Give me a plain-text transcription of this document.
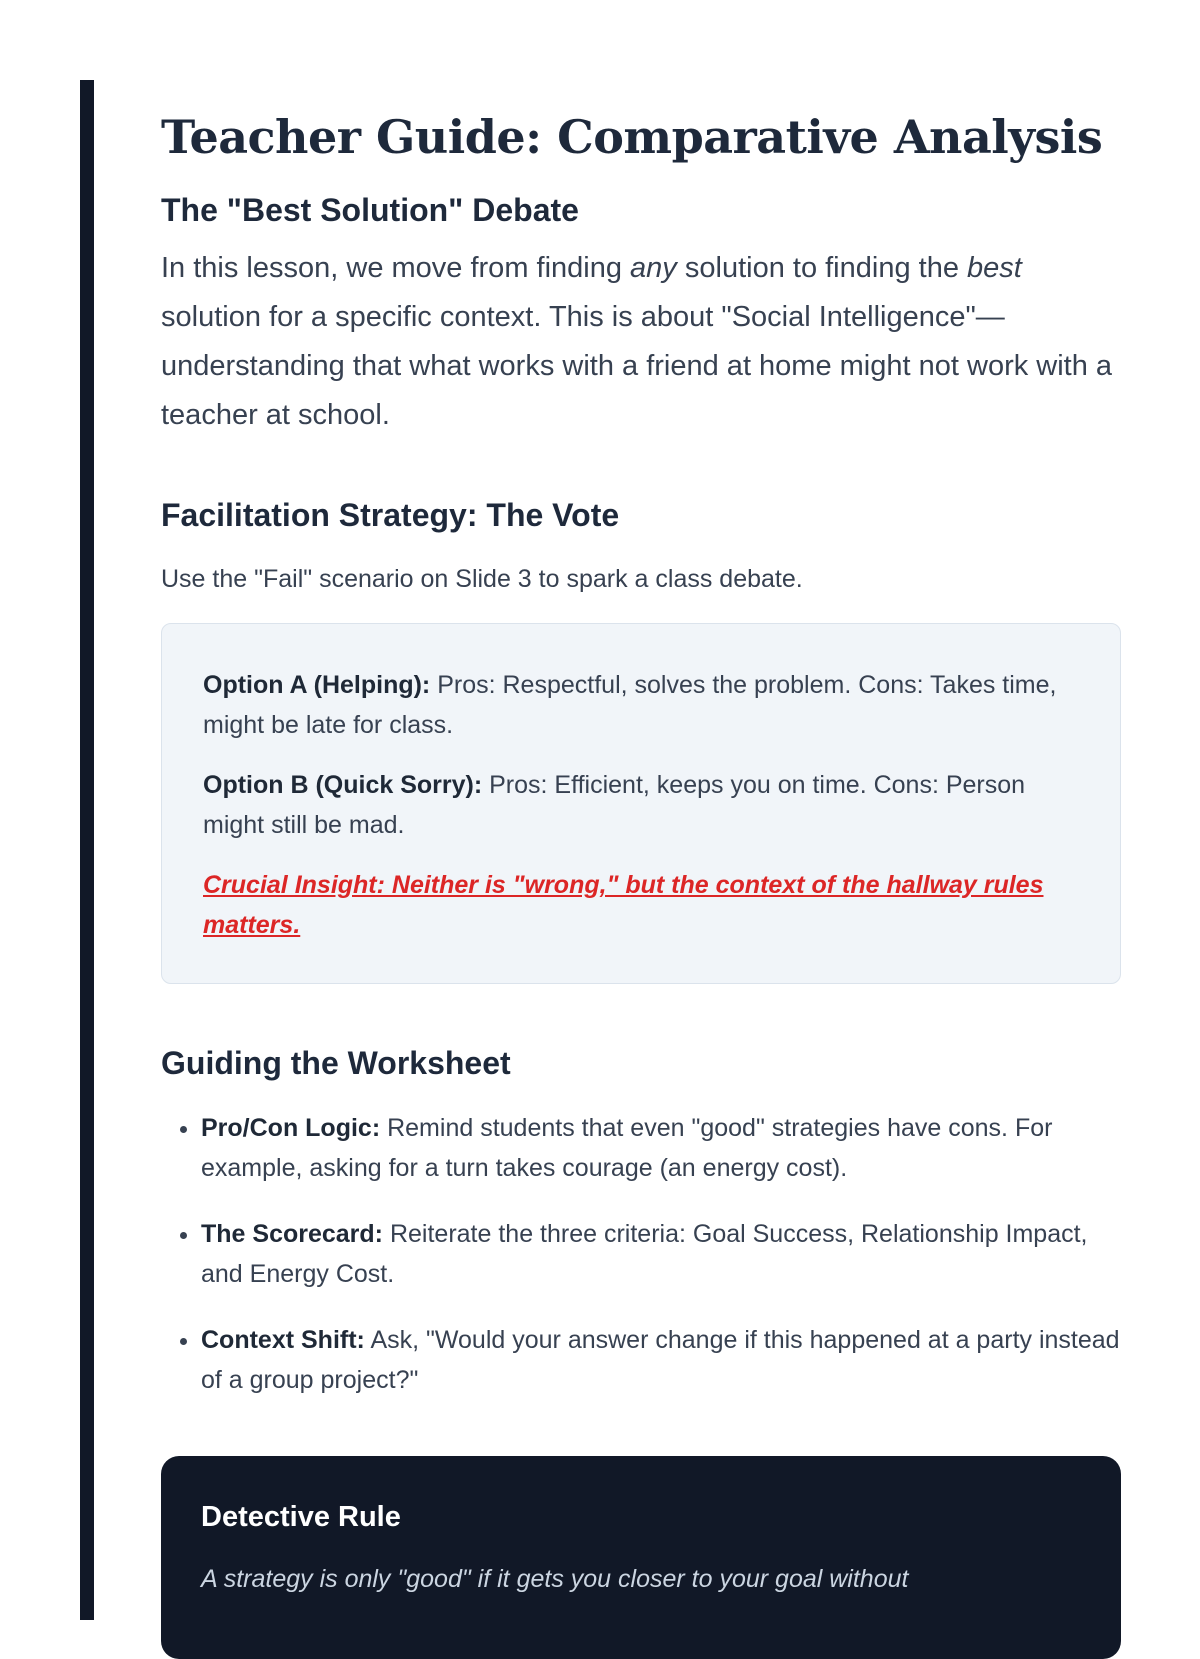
Teacher Guide: Comparative Analysis
The "Best Solution" Debate

In this lesson, we move from finding any solution to finding the best solution for a specific context. This is about "Social Intelligence"—understanding that what works with a friend at home might not work with a teacher at school.

Facilitation Strategy: The Vote

Use the "Fail" scenario on Slide 3 to spark a class debate.

Option A (Helping): Pros: Respectful, solves the problem. Cons: Takes time, might be late for class.

Option B (Quick Sorry): Pros: Efficient, keeps you on time. Cons: Person might still be mad.

Crucial Insight: Neither is "wrong," but the context of the hallway rules matters.

Guiding the Worksheet
• Pro/Con Logic: Remind students that even "good" strategies have cons. For example, asking for a turn takes courage (an energy cost).
• The Scorecard: Reiterate the three criteria: Goal Success, Relationship Impact, and Energy Cost.
• Context Shift: Ask, "Would your answer change if this happened at a party instead of a group project?"

Detective Rule

A strategy is only "good" if it gets you closer to your goal without
